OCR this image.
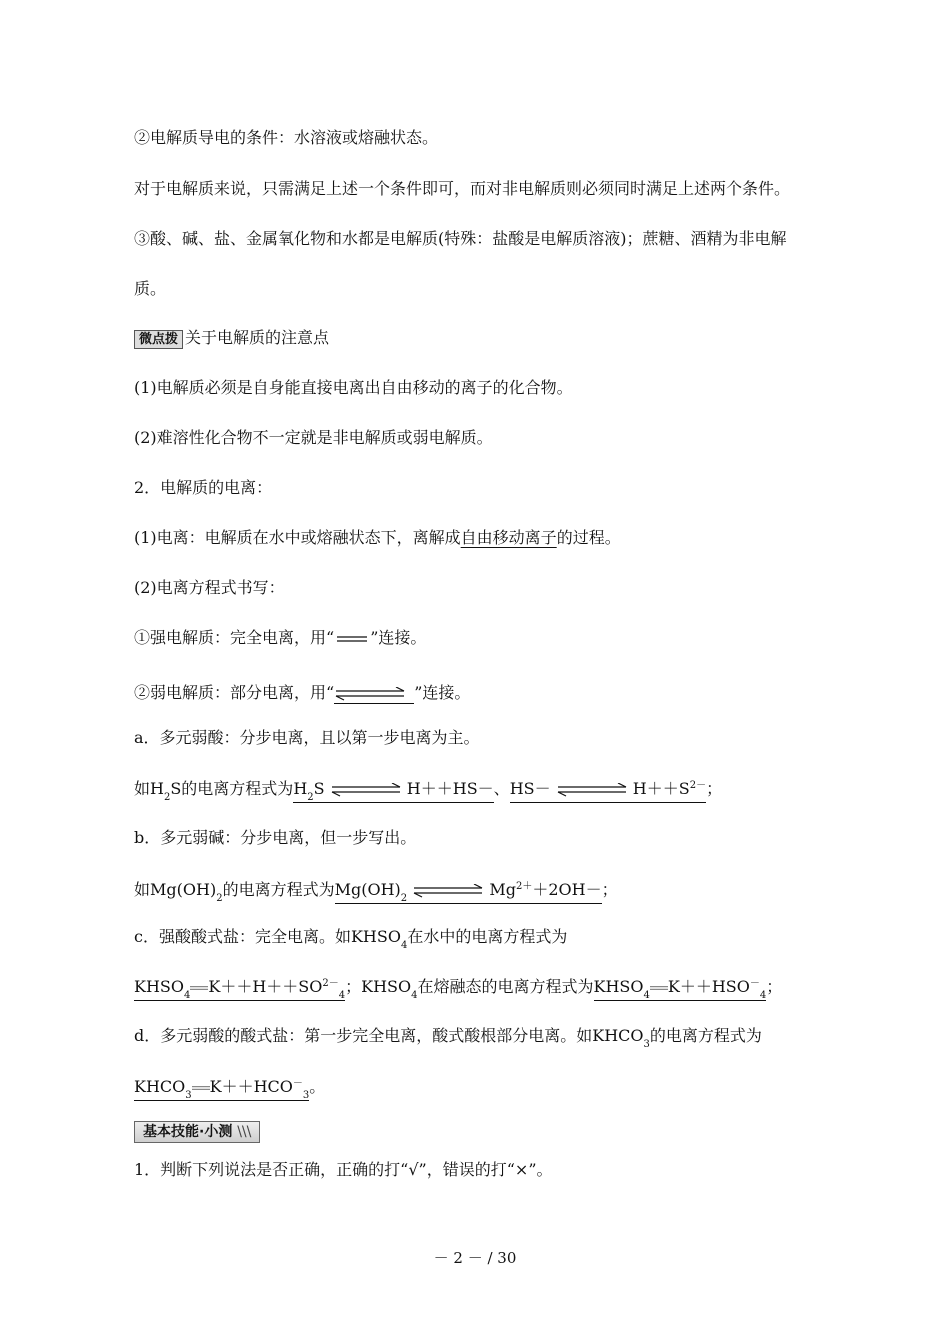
②电解质导电的条件：水溶液或熔融状态。
对于电解质来说，只需满足上述一个条件即可，而对非电解质则必须同时满足上述两个条件。
③酸、碱、盐、金属氧化物和水都是电解质(特殊：盐酸是电解质溶液)；蔗糖、酒精为非电解
质。
微点拨 关于电解质的注意点
(1)电解质必须是自身能直接电离出自由移动的离子的化合物。
(2)难溶性化合物不一定就是非电解质或弱电解质。
2．电解质的电离：
(1)电离：电解质在水中或熔融状态下，离解成自由移动离子的过程。
(2)电离方程式书写：
①强电解质：完全电离，用“ ”连接。
②弱电解质：部分电离，用“	”连接。
a．多元弱酸：分步电离，且以第一步电离为主。
如$H_2S$的电离方程式为$H_2S$	H＋＋HS－、HS－	$H++S^{2-}$；
b．多元弱碱：分步电离，但一步写出。
如$Mg(OH)_2$的电离方程式为$Mg(OH)_2$	$Mg^{2+}+2OH-$；
c．强酸酸式盐：完全电离。如$KHSO_4$在水中的电离方程式为
$KHSO_4$ $K++H++SO^{2-}_4$；$KHSO_4$在熔融态的电离方程式为$KHSO_4$ $K++HSO^-_4$；
d．多元弱酸的酸式盐：第一步完全电离，酸式酸根部分电离。如$KHCO_3$的电离方程式为
$KHCO_3$ $K++HCO^-_3$。
基本技能·小测 \\\
1．判断下列说法是否正确，正确的打“√”，错误的打“×”。
－ 2 － / 30
